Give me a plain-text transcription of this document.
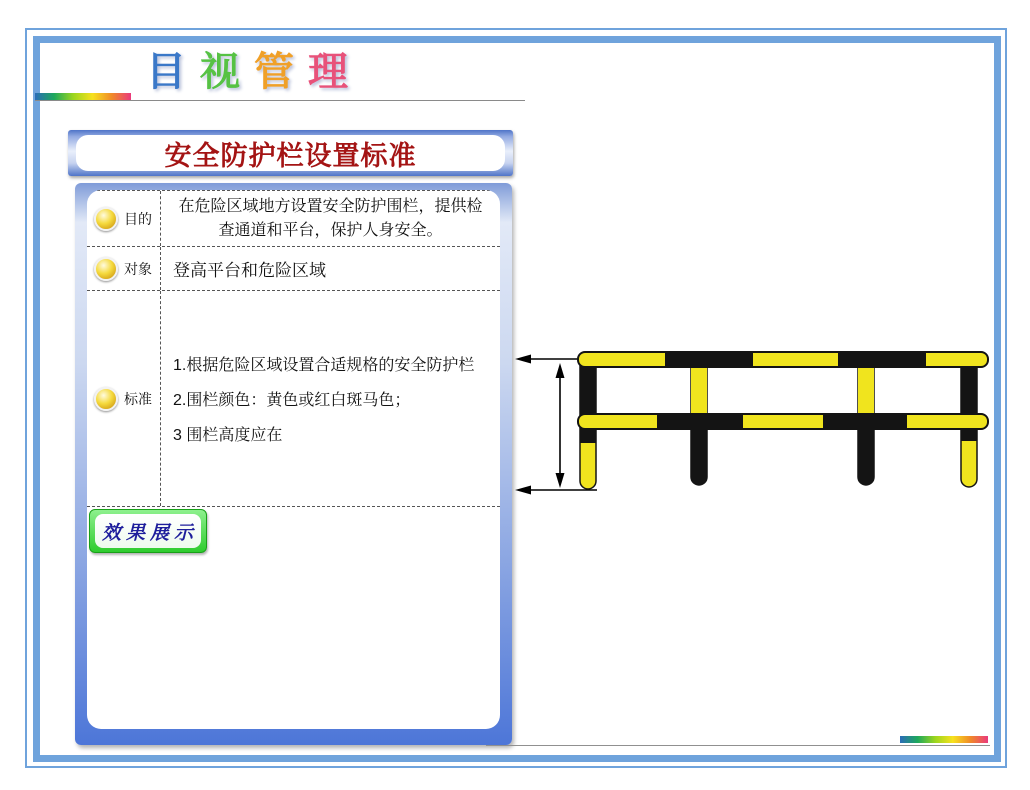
目视管理
安全防护栏设置标准
目的
在危险区域地方设置安全防护围栏，提供检查通道和平台，保护人身安全。
对象	登高平台和危险区域
标准
1.根据危险区域设置合适规格的安全防护栏
2.围栏颜色：黄色或红白斑马色；
3 围栏高度应在
效果展示
